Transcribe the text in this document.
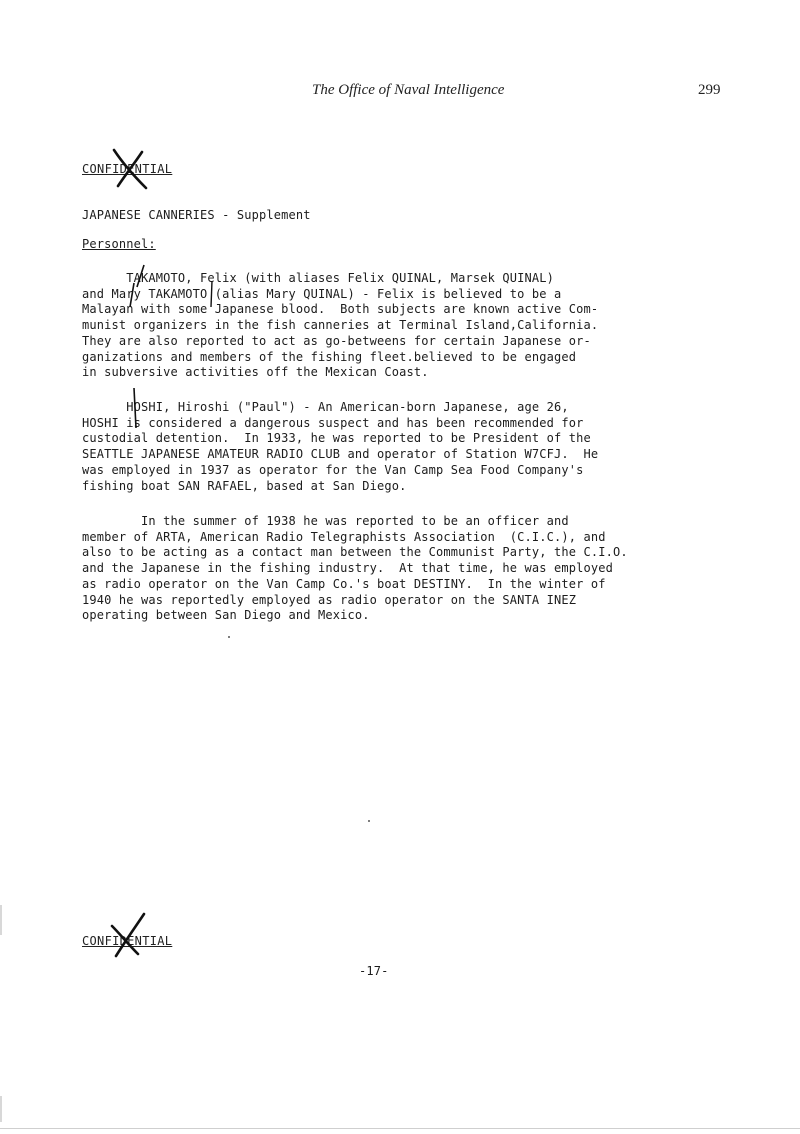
The Office of Naval Intelligence	299
CONFIDENTIAL
JAPANESE CANNERIES - Supplement
Personnel:
TAKAMOTO, Felix (with aliases Felix QUINAL, Marsek QUINAL)
and Mary TAKAMOTO (alias Mary QUINAL) - Felix is believed to be a
Malayan with some Japanese blood.  Both subjects are known active Com-
munist organizers in the fish canneries at Terminal Island,California.
They are also reported to act as go-betweens for certain Japanese or-
ganizations and members of the fishing fleet.believed to be engaged
in subversive activities off the Mexican Coast.
HOSHI, Hiroshi ("Paul") - An American-born Japanese, age 26,
HOSHI is considered a dangerous suspect and has been recommended for
custodial detention.  In 1933, he was reported to be President of the
SEATTLE JAPANESE AMATEUR RADIO CLUB and operator of Station W7CFJ.  He
was employed in 1937 as operator for the Van Camp Sea Food Company's
fishing boat SAN RAFAEL, based at San Diego.
In the summer of 1938 he was reported to be an officer and
member of ARTA, American Radio Telegraphists Association  (C.I.C.), and
also to be acting as a contact man between the Communist Party, the C.I.O.
and the Japanese in the fishing industry.  At that time, he was employed
as radio operator on the Van Camp Co.'s boat DESTINY.  In the winter of
1940 he was reportedly employed as radio operator on the SANTA INEZ
operating between San Diego and Mexico.
CONFIDENTIAL
-17-
